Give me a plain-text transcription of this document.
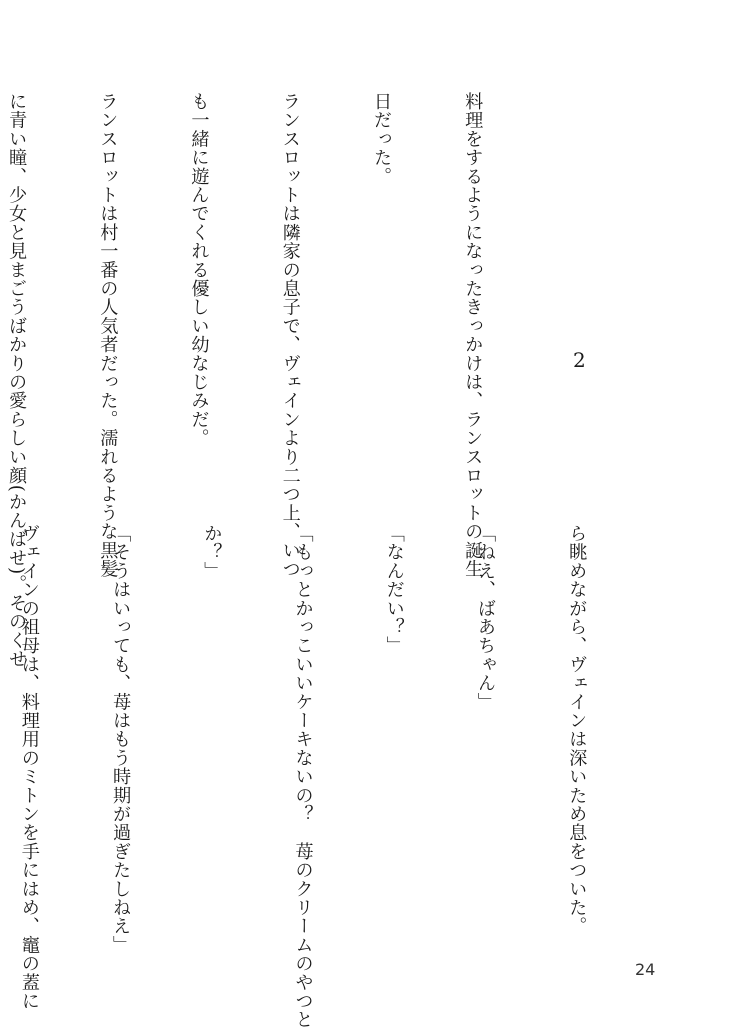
料理をするようになったきっかけは、ランスロットの誕生

日だった。

ランスロットは隣家の息子で、ヴェインより二つ上、いつ

も一緒に遊んでくれる優しい幼なじみだ。

ランスロットは村一番の人気者だった。濡れるような黒髪

に青い瞳、少女と見まごうばかりの愛らしい顔(かんばせ)。そのくせ

	2

ら眺めながら、ヴェインは深いため息をついた。

「ねえ、ばあちゃん」

「なんだい？」

「もっとかっこいいケーキないの？　苺のクリームのやつと

か？」

「そうはいっても、苺はもう時期が過ぎたしねえ」

ヴェインの祖母は、料理用のミトンを手にはめ、竈の蓋に

	24
